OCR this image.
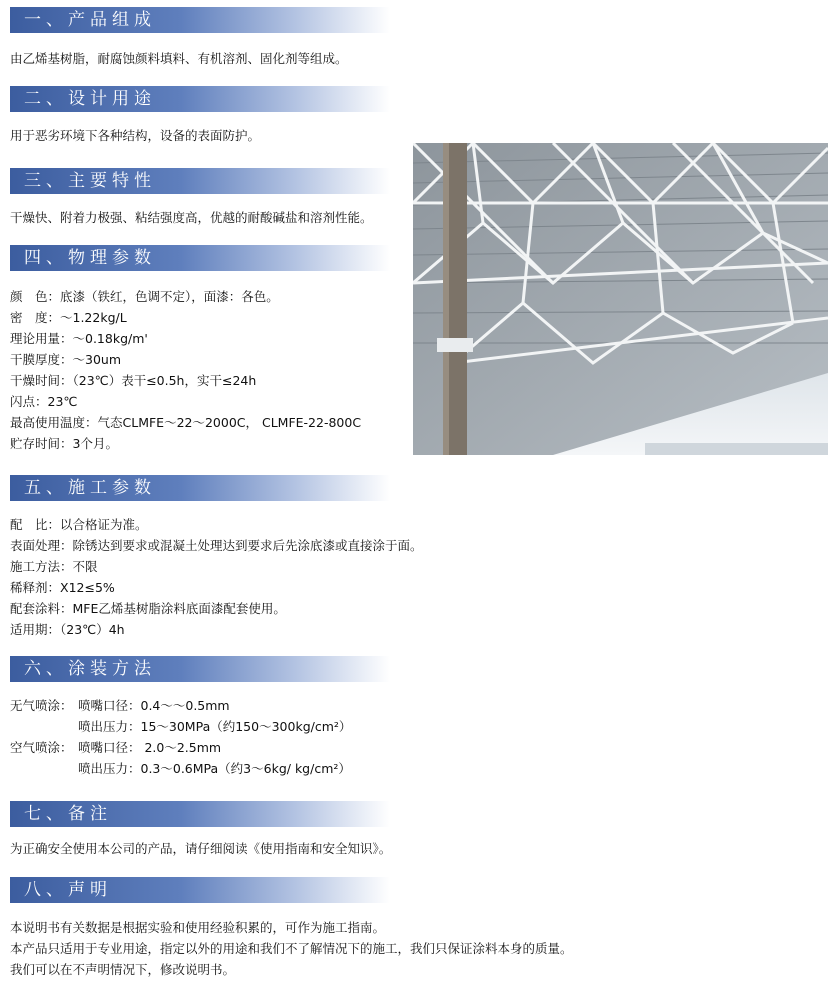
一、产品组成
由乙烯基树脂，耐腐蚀颜料填料、有机溶剂、固化剂等组成。
二、设计用途
用于恶劣环境下各种结构，设备的表面防护。
三、主要特性
干燥快、附着力极强、粘结强度高，优越的耐酸碱盐和溶剂性能。
四、物理参数
颜　色：底漆（铁红，色调不定），面漆：各色。
密　度：～1.22kg/L
理论用量：～0.18kg/m'
干膜厚度：～30um
干燥时间：（23℃）表干≤0.5h，实干≤24h
闪点：23℃
最高使用温度：气态CLMFE～22～2000C， CLMFE-22-800C
贮存时间：3个月。
五、施工参数
配　比：以合格证为准。
表面处理：除锈达到要求或混凝土处理达到要求后先涂底漆或直接涂于面。
施工方法：不限
稀释剂：X12≤5%
配套涂料：MFE乙烯基树脂涂料底面漆配套使用。
适用期：（23℃）4h
六、涂装方法
无气喷涂： 喷嘴口径：0.4～～0.5mm
喷出压力：15～30MPa（约150～300kg/cm²）
空气喷涂： 喷嘴口径： 2.0～2.5mm
喷出压力：0.3～0.6MPa（约3～6kg/ kg/cm²）
七、备注
为正确安全使用本公司的产品，请仔细阅读《使用指南和安全知识》。
八、声明
本说明书有关数据是根据实验和使用经验积累的，可作为施工指南。
本产品只适用于专业用途，指定以外的用途和我们不了解情况下的施工，我们只保证涂料本身的质量。
我们可以在不声明情况下，修改说明书。
